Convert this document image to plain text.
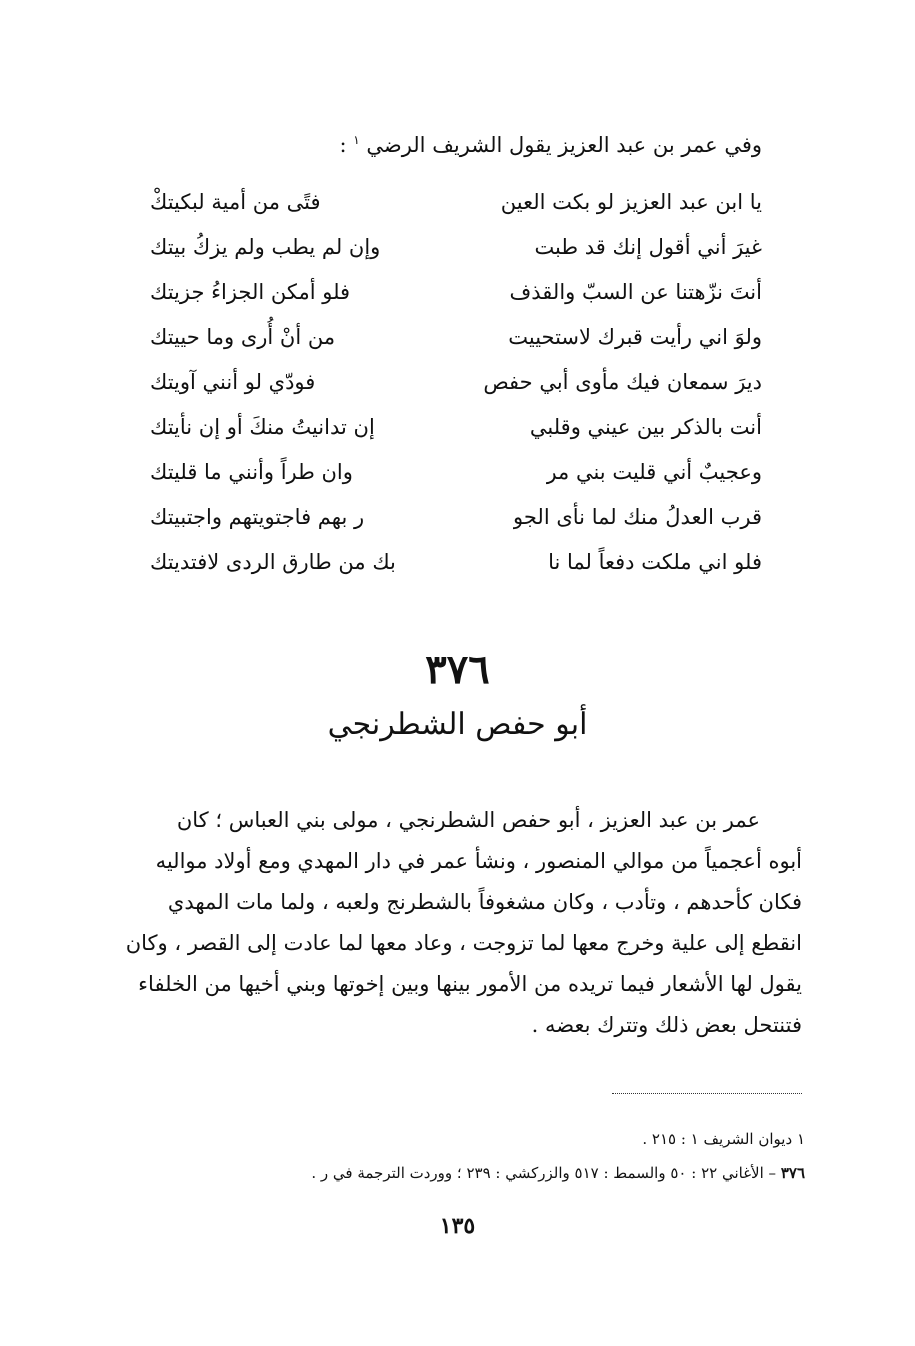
وفي عمر بن عبد العزيز يقول الشريف الرضي $^١$ :
يا ابن عبد العزيز لو بكت العين
فتًى من أمية لبكيتكْ
غيرَ أني أقول إنك قد طبت
وإن لم يطب ولم يزكُ بيتك
أنتَ نزّهتنا عن السبّ والقذف
فلو أمكن الجزاءُ جزيتك
ولوَ اني رأيت قبرك لاستحييت
من أنْ أُرى وما حييتك
ديرَ سمعان فيك مأوى أبي حفص
فودّي لو أنني آويتك
أنت بالذكر بين عيني وقلبي
إن تدانيتُ منكَ أو إن نأيتك
وعجيبٌ أني قليت بني مر
وان طراً وأنني ما قليتك
قرب العدلُ منك لما نأى الجو
ر بهم فاجتويتهم واجتبيتك
فلو اني ملكت دفعاً لما نا
بك من طارق الردى لافتديتك
٣٧٦
أبو حفص الشطرنجي

عمر بن عبد العزيز ، أبو حفص الشطرنجي ، مولى بني العباس ؛ كان
أبوه أعجمياً من موالي المنصور ، ونشأ عمر في دار المهدي ومع أولاد مواليه
فكان كأحدهم ، وتأدب ، وكان مشغوفاً بالشطرنج ولعبه ، ولما مات المهدي
انقطع إلى علية وخرج معها لما تزوجت ، وعاد معها لما عادت إلى القصر ، وكان
يقول لها الأشعار فيما تريده من الأمور بينها وبين إخوتها وبني أخيها من الخلفاء
فتنتحل بعض ذلك وتترك بعضه .

١ ديوان الشريف ١ : ٢١٥ .
٣٧٦ – الأغاني ٢٢ : ٥٠ والسمط : ٥١٧ والزركشي : ٢٣٩ ؛ ووردت الترجمة في ر .
١٣٥
